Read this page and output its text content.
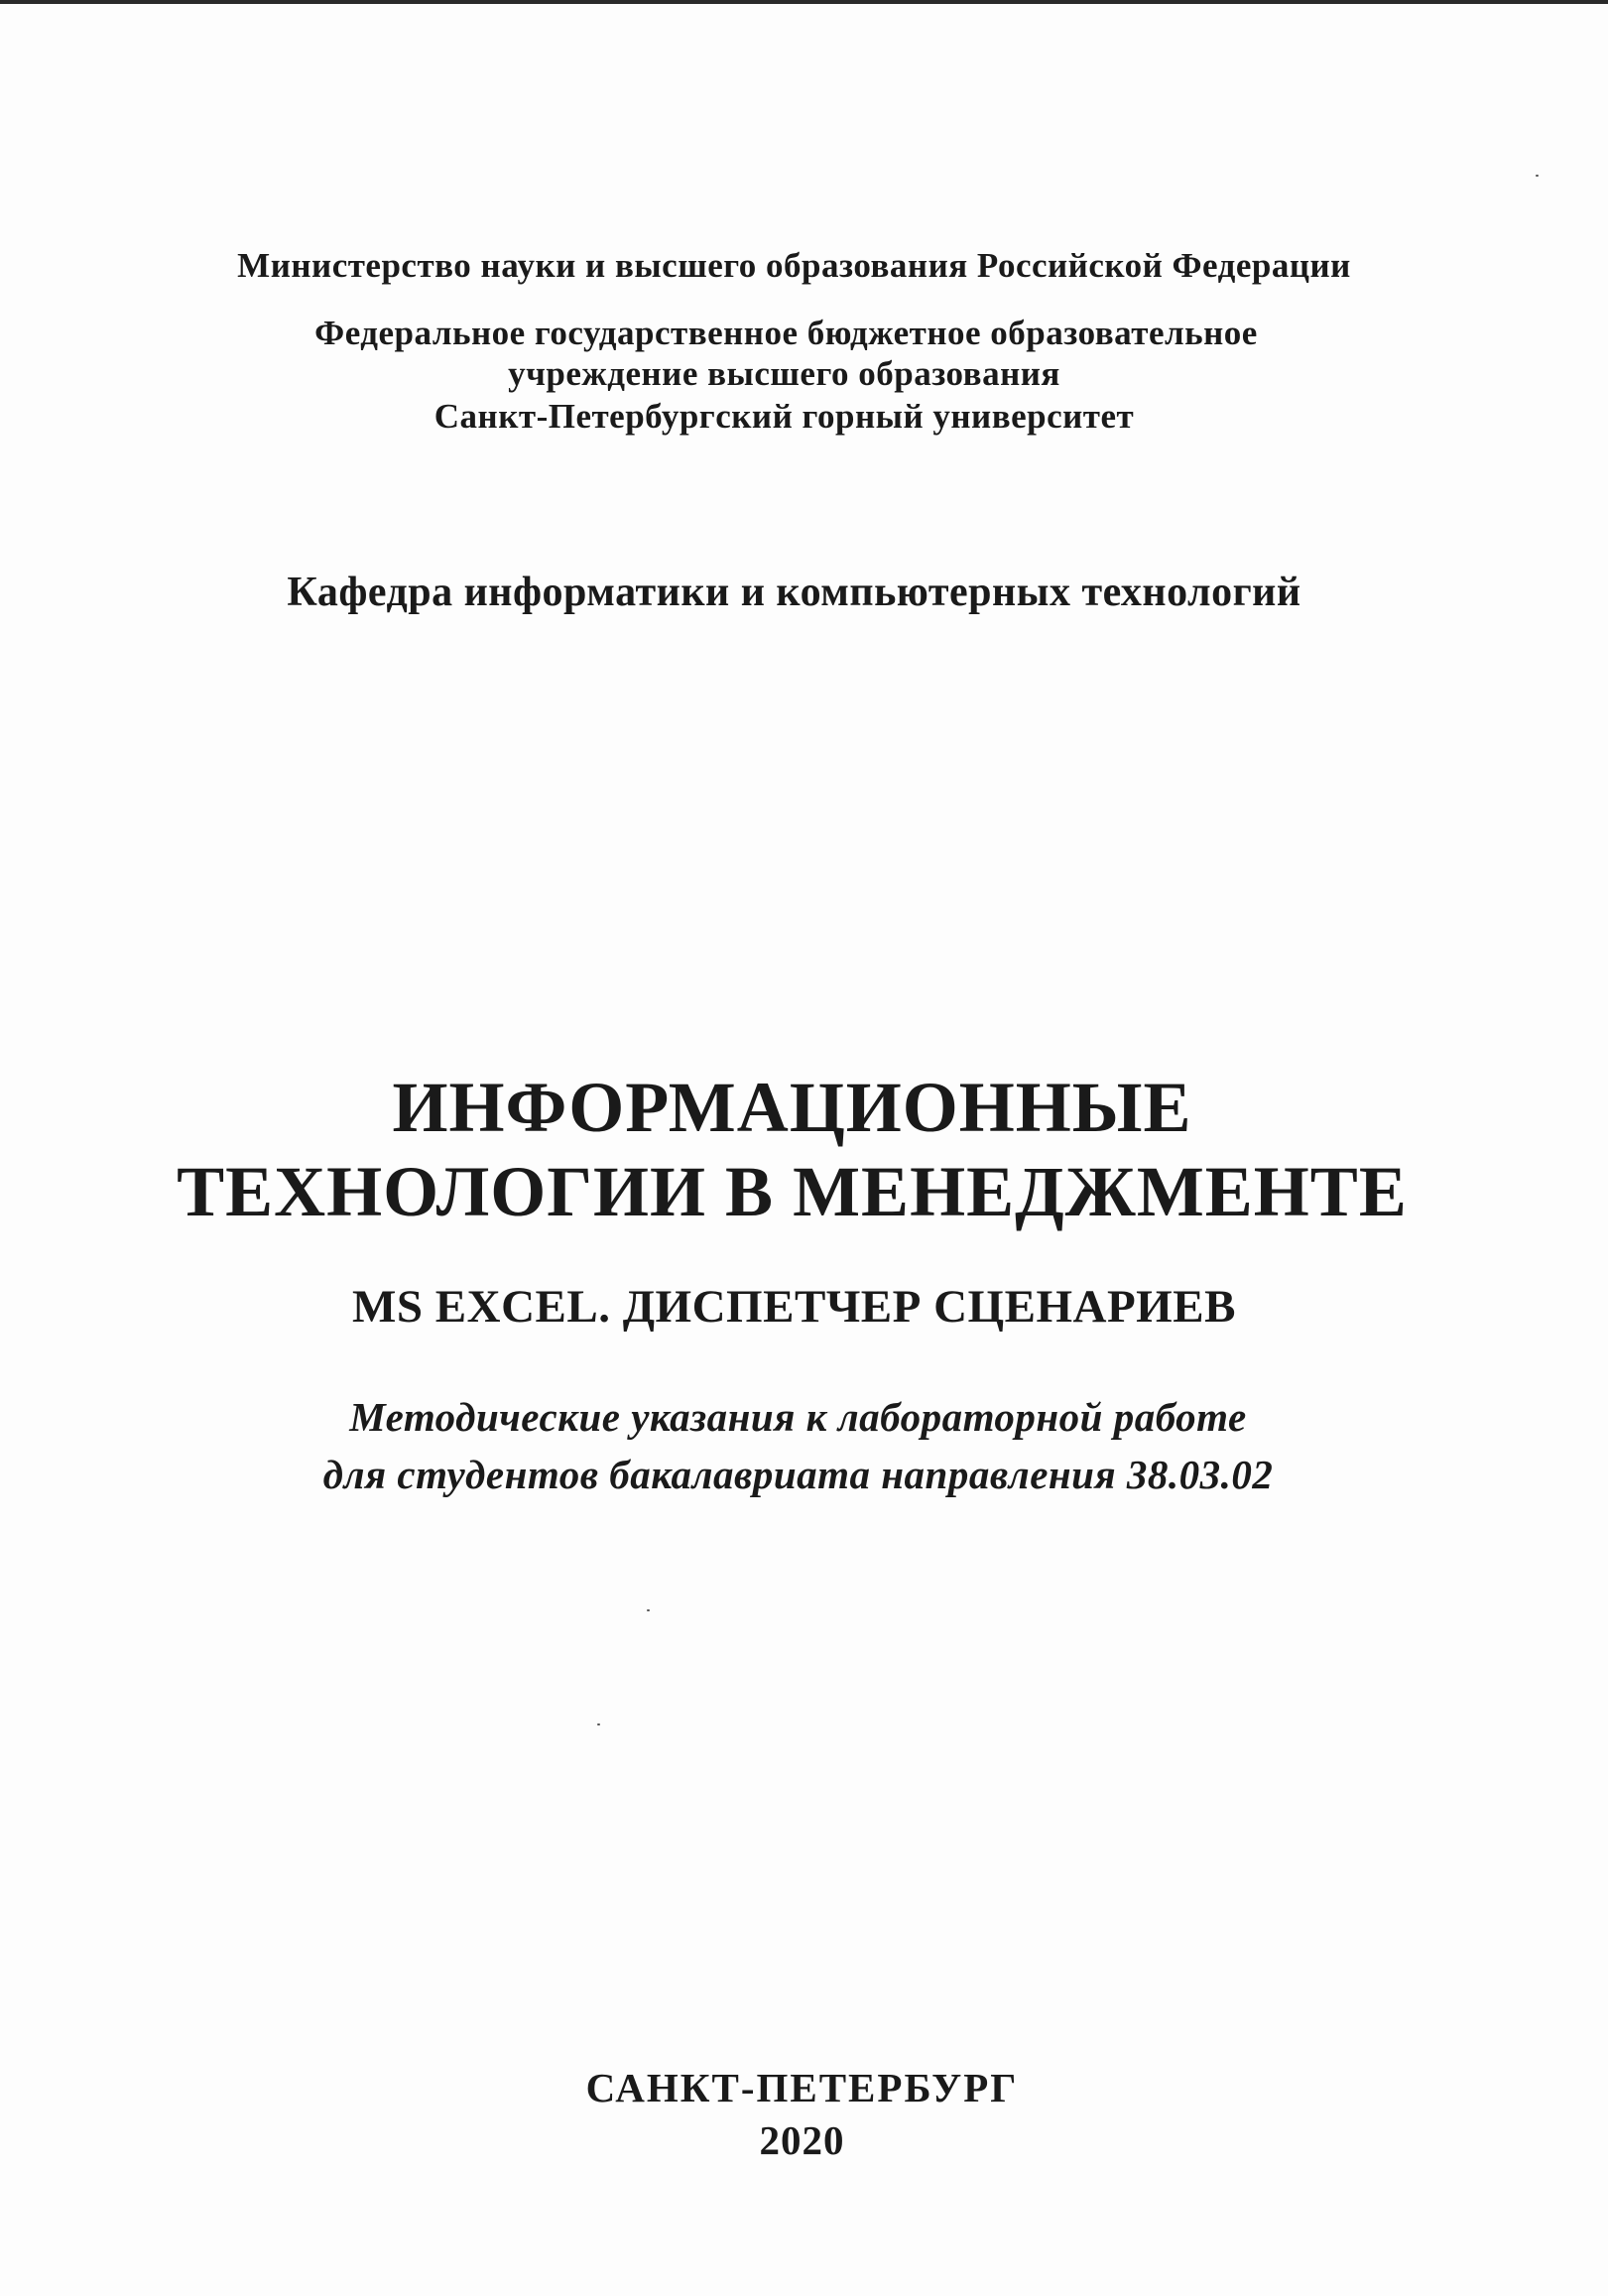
Министерство науки и высшего образования Российской Федерации
Федеральное государственное бюджетное образовательное
учреждение высшего образования
Санкт-Петербургский горный университет
Кафедра информатики и компьютерных технологий
ИНФОРМАЦИОННЫЕ
ТЕХНОЛОГИИ В МЕНЕДЖМЕНТЕ
MS EXCEL. ДИСПЕТЧЕР СЦЕНАРИЕВ
Методические указания к лабораторной работе
для студентов бакалавриата направления 38.03.02
САНКТ-ПЕТЕРБУРГ
2020
